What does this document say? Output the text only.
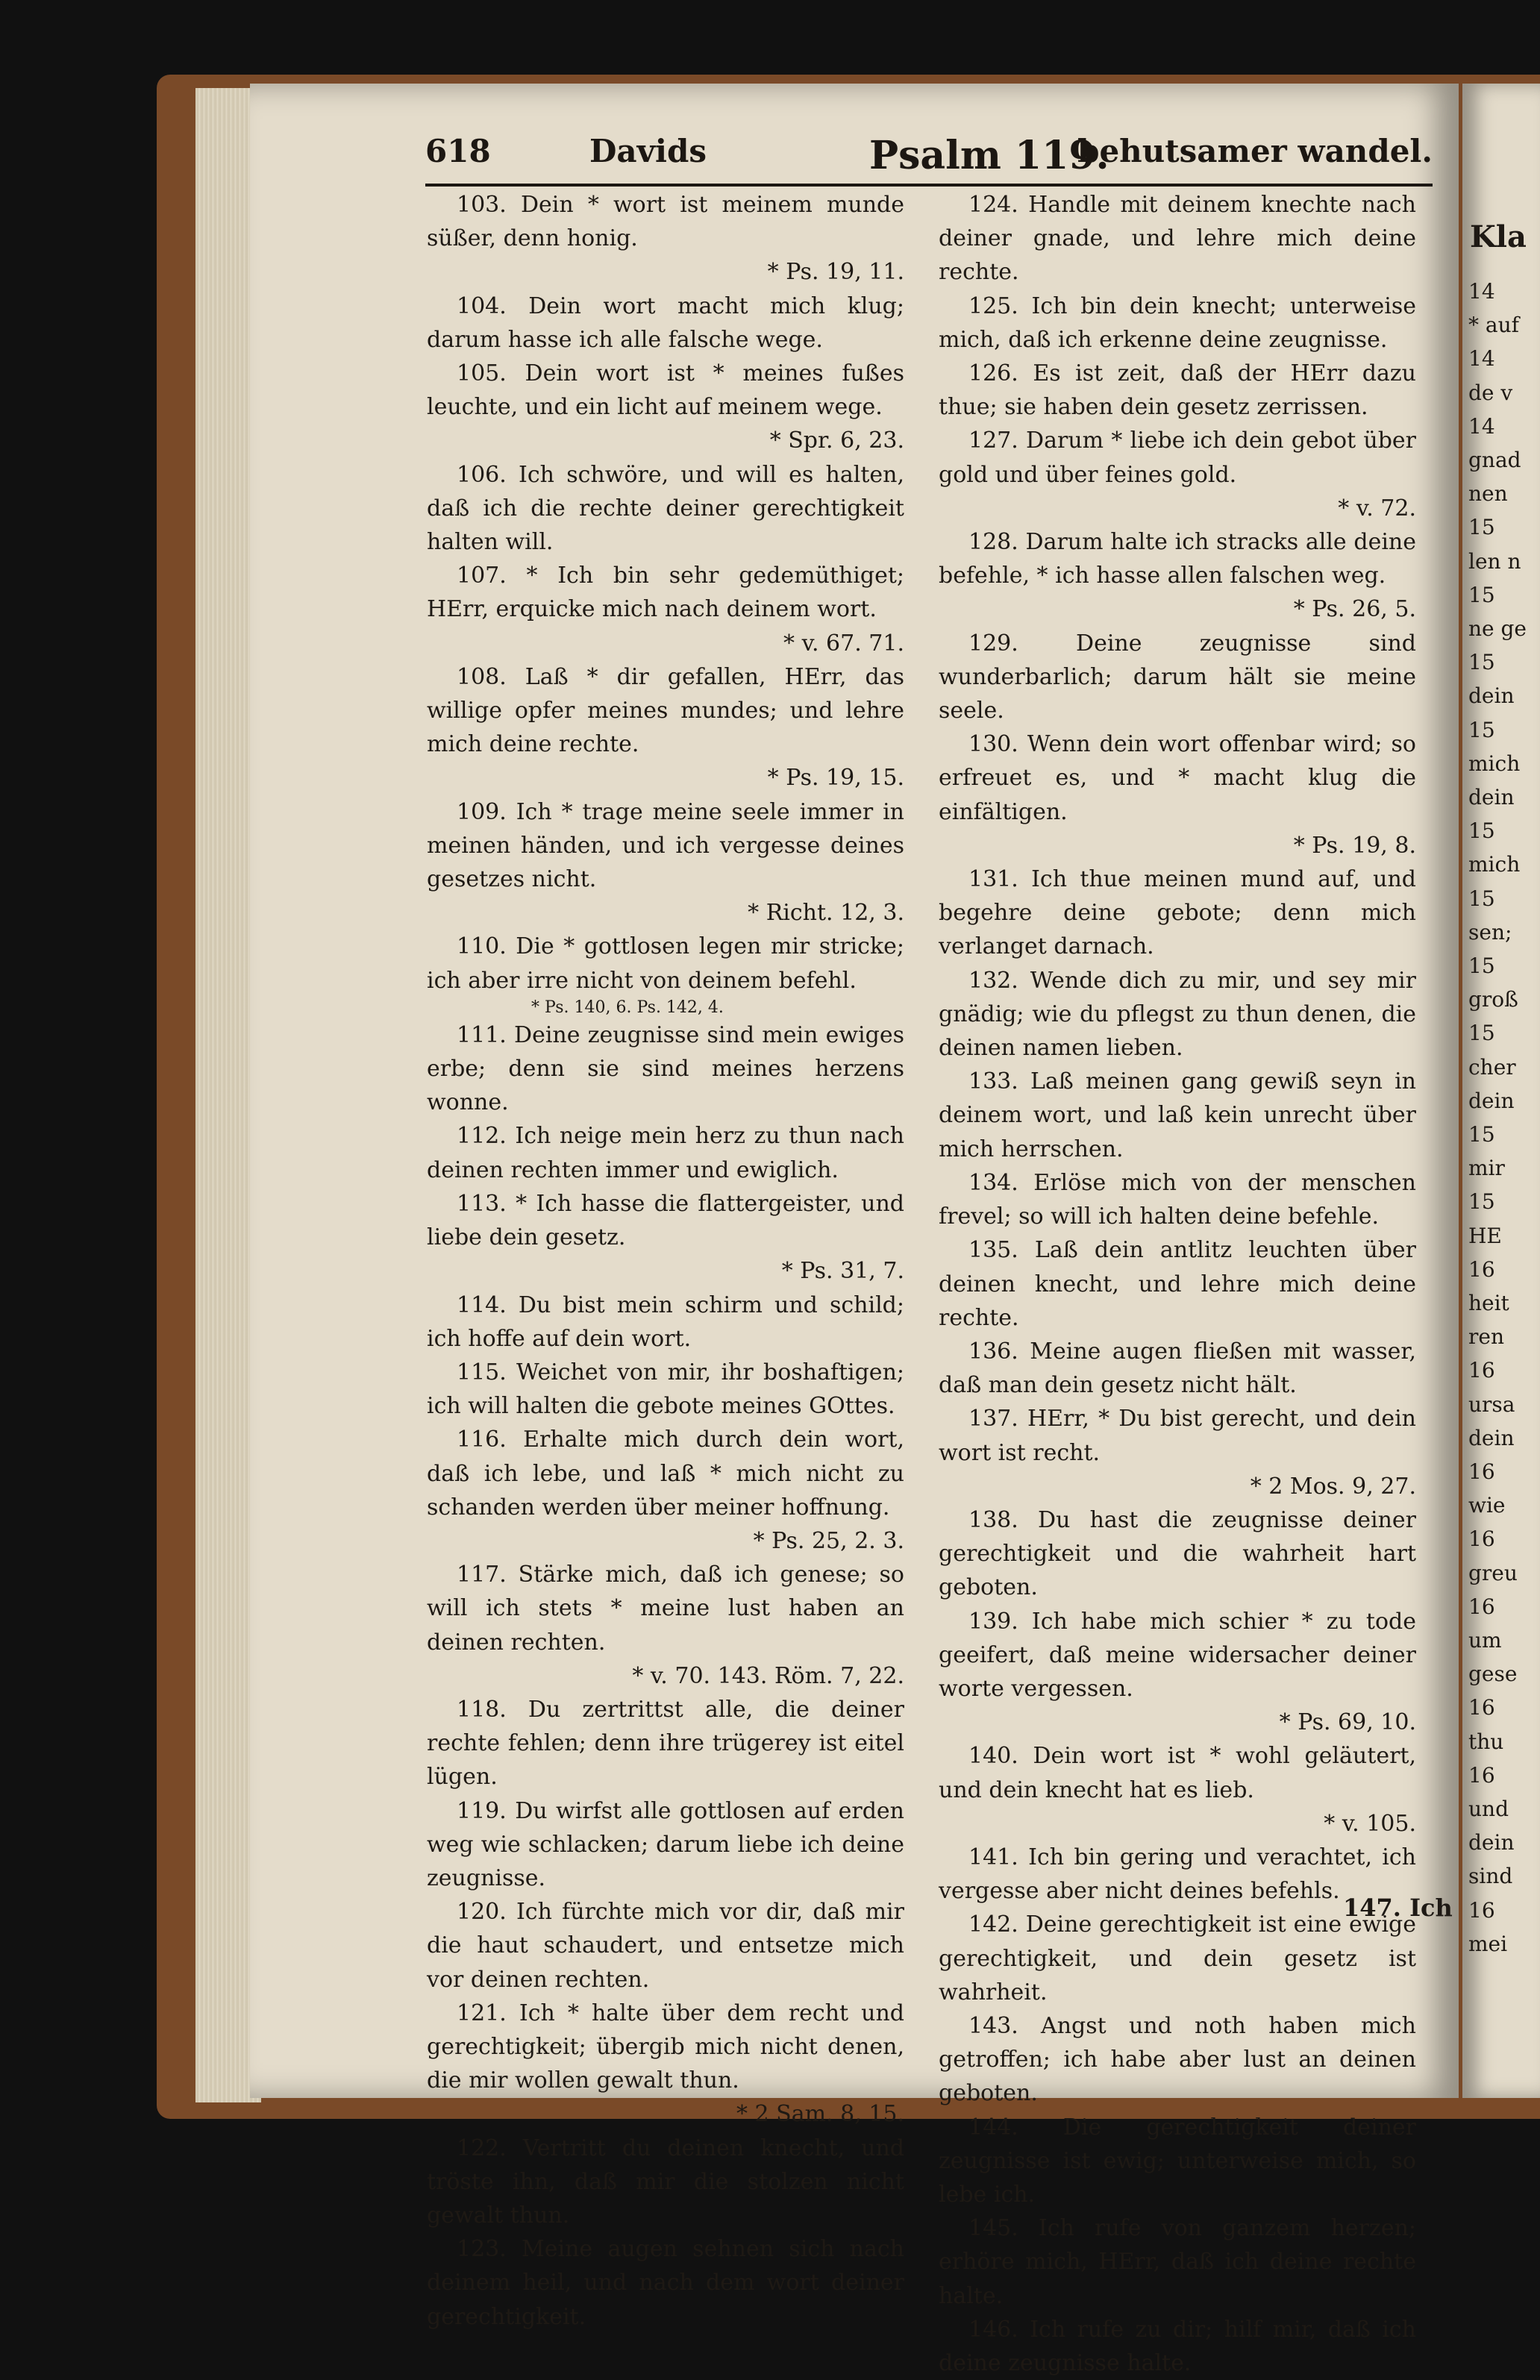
618	Davids	Psalm 119.
behutsamer wandel.

103. Dein * wort ist meinem munde süßer, denn honig.
* Ps. 19, 11.

104. Dein wort macht mich klug; darum hasse ich alle falsche wege.

105. Dein wort ist * meines fußes leuchte, und ein licht auf meinem wege.
* Spr. 6, 23.

106. Ich schwöre, und will es halten, daß ich die rechte deiner gerechtigkeit halten will.

107. * Ich bin sehr gedemüthiget; HErr, erquicke mich nach deinem wort.
* v. 67. 71.

108. Laß * dir gefallen, HErr, das willige opfer meines mundes; und lehre mich deine rechte.
* Ps. 19, 15.

109. Ich * trage meine seele immer in meinen händen, und ich vergesse deines gesetzes nicht.
* Richt. 12, 3.

110. Die * gottlosen legen mir stricke; ich aber irre nicht von deinem befehl.
* Ps. 140, 6. Ps. 142, 4.

111. Deine zeugnisse sind mein ewiges erbe; denn sie sind meines herzens wonne.

112. Ich neige mein herz zu thun nach deinen rechten immer und ewiglich.

113. * Ich hasse die flattergeister, und liebe dein gesetz.
* Ps. 31, 7.

114. Du bist mein schirm und schild; ich hoffe auf dein wort.

115. Weichet von mir, ihr boshaftigen; ich will halten die gebote meines GOttes.

116. Erhalte mich durch dein wort, daß ich lebe, und laß * mich nicht zu schanden werden über meiner hoffnung.
* Ps. 25, 2. 3.

117. Stärke mich, daß ich genese; so will ich stets * meine lust haben an deinen rechten.
* v. 70. 143. Röm. 7, 22.

118. Du zertrittst alle, die deiner rechte fehlen; denn ihre trügerey ist eitel lügen.

119. Du wirfst alle gottlosen auf erden weg wie schlacken; darum liebe ich deine zeugnisse.

120. Ich fürchte mich vor dir, daß mir die haut schaudert, und entsetze mich vor deinen rechten.

121. Ich * halte über dem recht und gerechtigkeit; übergib mich nicht denen, die mir wollen gewalt thun.
* 2 Sam. 8, 15.

122. Vertritt du deinen knecht, und tröste ihn, daß mir die stolzen nicht gewalt thun.

123. Meine augen sehnen sich nach deinem heil, und nach dem wort deiner gerechtigkeit.

124. Handle mit deinem knechte nach deiner gnade, und lehre mich deine rechte.

125. Ich bin dein knecht; unterweise mich, daß ich erkenne deine zeugnisse.

126. Es ist zeit, daß der HErr dazu thue; sie haben dein gesetz zerrissen.

127. Darum * liebe ich dein gebot über gold und über feines gold.
* v. 72.

128. Darum halte ich stracks alle deine befehle, * ich hasse allen falschen weg.
* Ps. 26, 5.

129. Deine zeugnisse sind wunderbarlich; darum hält sie meine seele.

130. Wenn dein wort offenbar wird; so erfreuet es, und * macht klug die einfältigen.
* Ps. 19, 8.

131. Ich thue meinen mund auf, und begehre deine gebote; denn mich verlanget darnach.

132. Wende dich zu mir, und sey mir gnädig; wie du pflegst zu thun denen, die deinen namen lieben.

133. Laß meinen gang gewiß seyn in deinem wort, und laß kein unrecht über mich herrschen.

134. Erlöse mich von der menschen frevel; so will ich halten deine befehle.

135. Laß dein antlitz leuchten über deinen knecht, und lehre mich deine rechte.

136. Meine augen fließen mit wasser, daß man dein gesetz nicht hält.

137. HErr, * Du bist gerecht, und dein wort ist recht.
* 2 Mos. 9, 27.

138. Du hast die zeugnisse deiner gerechtigkeit und die wahrheit hart geboten.

139. Ich habe mich schier * zu tode geeifert, daß meine widersacher deiner worte vergessen.
* Ps. 69, 10.

140. Dein wort ist * wohl geläutert, und dein knecht hat es lieb.
* v. 105.

141. Ich bin gering und verachtet, ich vergesse aber nicht deines befehls.

142. Deine gerechtigkeit ist eine ewige gerechtigkeit, und dein gesetz ist wahrheit.

143. Angst und noth haben mich getroffen; ich habe aber lust an deinen geboten.

144. Die gerechtigkeit deiner zeugnisse ist ewig; unterweise mich, so lebe ich.

145. Ich rufe von ganzem herzen; erhöre mich, HErr, daß ich deine rechte halte.

146. Ich rufe zu dir; hilf mir, daß ich deine zeugnisse halte.

147. Ich
Kla
14
* auf
14
de v
14
gnad
nen
15
len n
15
ne ge
15
dein
15
mich
dein
15
mich
15
sen;
15
groß
15
cher
dein
15
mir
15
HE
16
heit
ren
16
ursa
dein
16
wie
16
greu
16
um
gese
16
thu
16
und
dein
sind
16
mei
